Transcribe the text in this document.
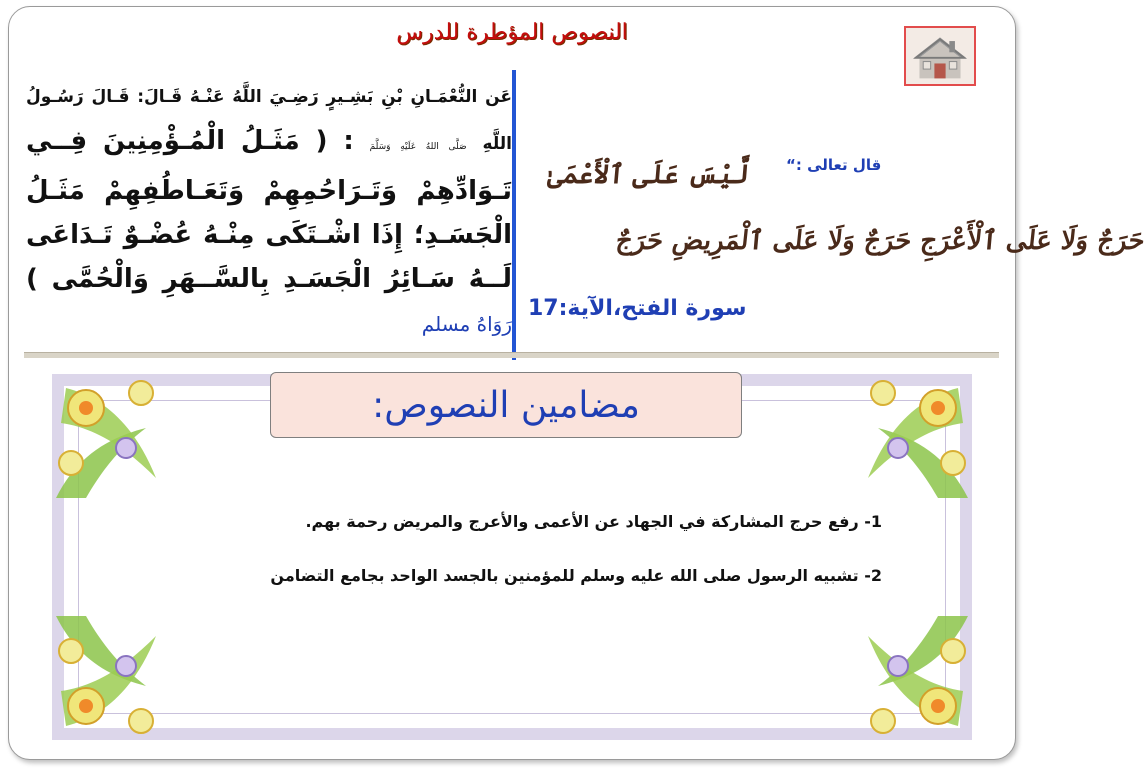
النصوص المؤطرة للدرس
عَن النُّعْمَـانِ بْنِ بَشِـيرٍ رَضِـيَ اللَّهُ عَنْـهُ قَـالَ: قَـالَ رَسُـولُ اللَّهِ صَلَّى اللهُ عَلَيْهِ وَسَلَّمَ : ( مَثَـلُ الْمُـؤْمِنِينَ فِــي تَـوَادِّهِمْ وَتَـرَاحُمِهِمْ وَتَعَـاطُفِهِمْ مَثَـلُ الْجَسَـدِ؛ إِذَا اشْـتَكَى مِنْـهُ عُضْـوٌ تَـدَاعَى لَــهُ سَـائِرُ الْجَسَـدِ بِالسَّــهَرِ وَالْحُمَّى ) رَوَاهُ مسلم
قال تعالى :“
لَّيْسَ عَلَى ٱلْأَعْمَىٰ
حَرَجٌ وَلَا عَلَى ٱلْأَعْرَجِ حَرَجٌ وَلَا عَلَى ٱلْمَرِيضِ حَرَجٌ
سورة الفتح،الآية:17
مضامين النصوص:
1- رفع حرج المشاركة في الجهاد عن الأعمى والأعرج والمريض رحمة بهم.
2- تشبيه الرسول صلى الله عليه وسلم للمؤمنين بالجسد الواحد بجامع التضامن
